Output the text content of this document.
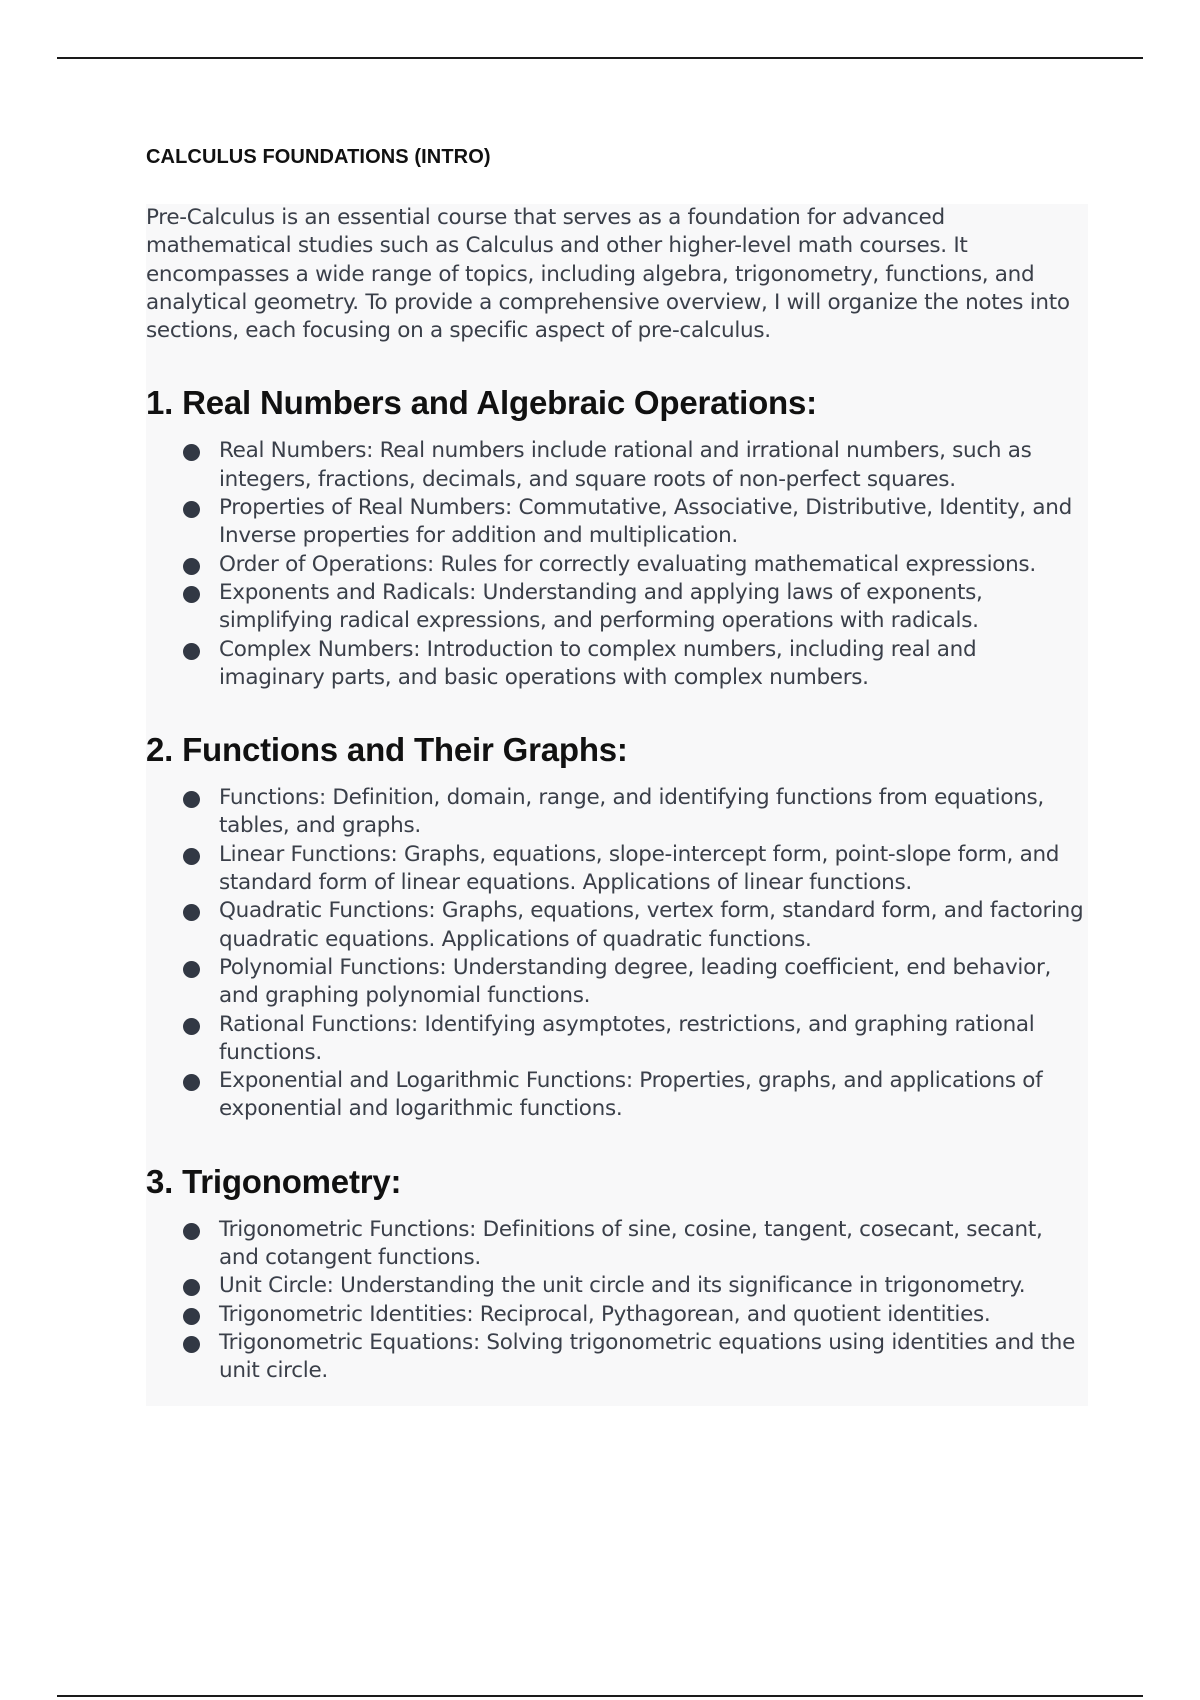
CALCULUS FOUNDATIONS (INTRO)

Pre-Calculus is an essential course that serves as a foundation for advanced mathematical studies such as Calculus and other higher-level math courses. It encompasses a wide range of topics, including algebra, trigonometry, functions, and analytical geometry. To provide a comprehensive overview, I will organize the notes into sections, each focusing on a specific aspect of pre-calculus.

1. Real Numbers and Algebraic Operations:
Real Numbers: Real numbers include rational and irrational numbers, such as integers, fractions, decimals, and square roots of non-perfect squares.
Properties of Real Numbers: Commutative, Associative, Distributive, Identity, and Inverse properties for addition and multiplication.
Order of Operations: Rules for correctly evaluating mathematical expressions.
Exponents and Radicals: Understanding and applying laws of exponents, simplifying radical expressions, and performing operations with radicals.
Complex Numbers: Introduction to complex numbers, including real and imaginary parts, and basic operations with complex numbers.
2. Functions and Their Graphs:
Functions: Definition, domain, range, and identifying functions from equations, tables, and graphs.
Linear Functions: Graphs, equations, slope-intercept form, point-slope form, and standard form of linear equations. Applications of linear functions.
Quadratic Functions: Graphs, equations, vertex form, standard form, and factoring quadratic equations. Applications of quadratic functions.
Polynomial Functions: Understanding degree, leading coefficient, end behavior, and graphing polynomial functions.
Rational Functions: Identifying asymptotes, restrictions, and graphing rational functions.
Exponential and Logarithmic Functions: Properties, graphs, and applications of exponential and logarithmic functions.
3. Trigonometry:
Trigonometric Functions: Definitions of sine, cosine, tangent, cosecant, secant, and cotangent functions.
Unit Circle: Understanding the unit circle and its significance in trigonometry.
Trigonometric Identities: Reciprocal, Pythagorean, and quotient identities.
Trigonometric Equations: Solving trigonometric equations using identities and the unit circle.
